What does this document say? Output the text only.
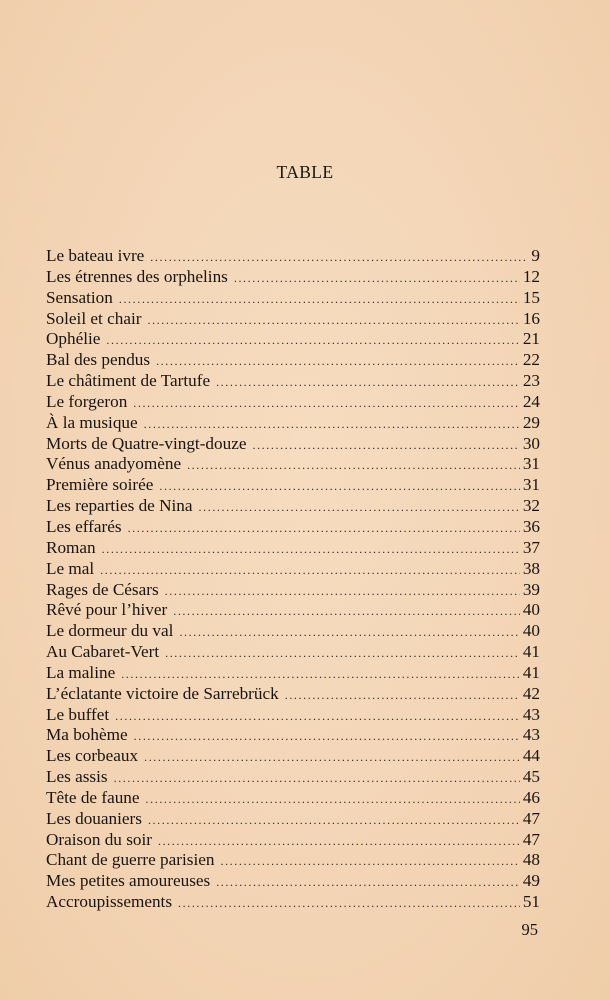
TABLE
Le bateau ivre .....	9
Les étrennes des orphelins .....	12
Sensation .....	15
Soleil et chair .....	16
Ophélie .....	21
Bal des pendus .....	22
Le châtiment de Tartufe .....	23
Le forgeron .....	24
À la musique .....	29
Morts de Quatre-vingt-douze .....	30
Vénus anadyomène .....	31
Première soirée .....	31
Les reparties de Nina .....	32
Les effarés .....	36
Roman .....	37
Le mal .....	38
Rages de Césars .....	39
Rêvé pour l’hiver .....	40
Le dormeur du val .....	40
Au Cabaret-Vert .....	41
La maline .....	41
L’éclatante victoire de Sarrebrück .....	42
Le buffet .....	43
Ma bohème .....	43
Les corbeaux .....	44
Les assis .....	45
Tête de faune .....	46
Les douaniers .....	47
Oraison du soir .....	47
Chant de guerre parisien .....	48
Mes petites amoureuses .....	49
Accroupissements .....	51
95
